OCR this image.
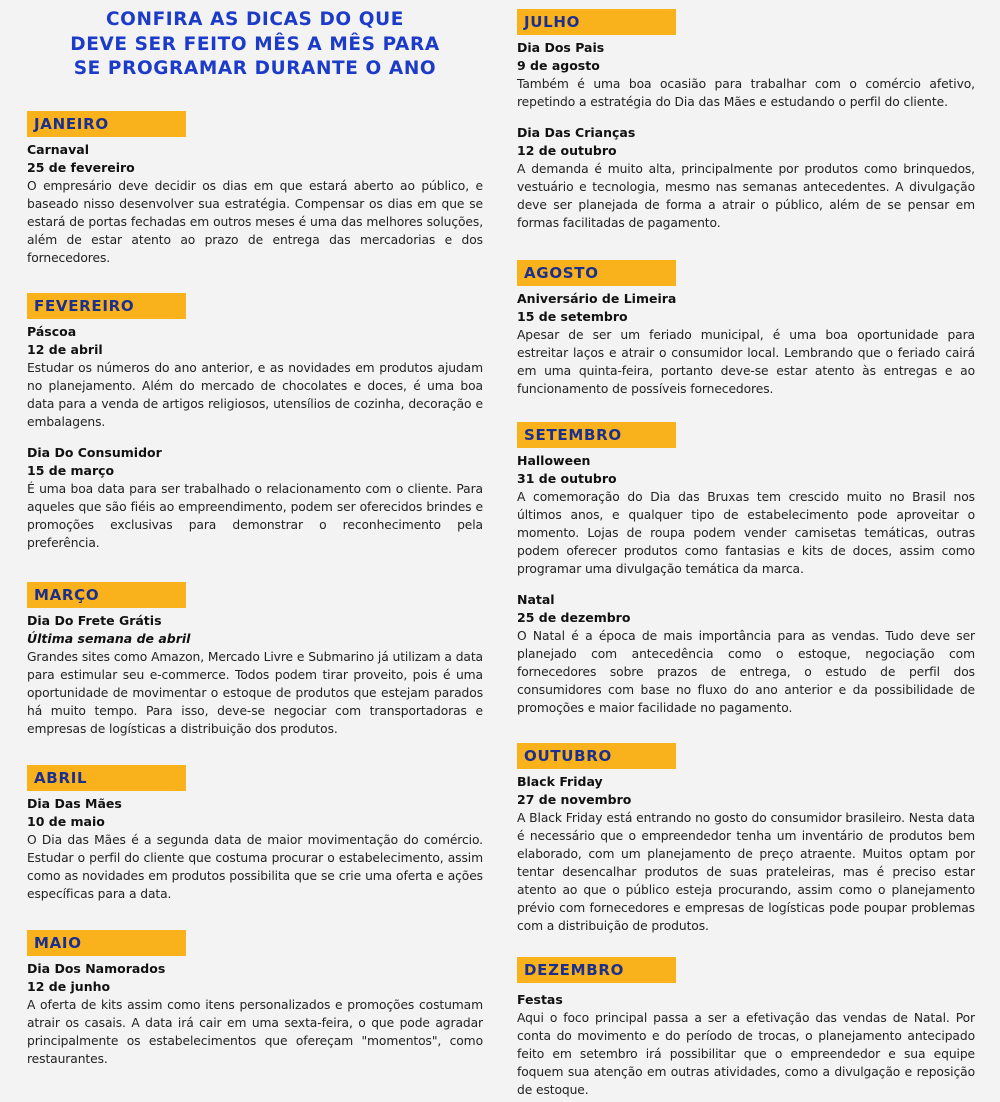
CONFIRA AS DICAS DO QUE
DEVE SER FEITO MÊS A MÊS PARA
SE PROGRAMAR DURANTE O ANO
JANEIRO
Carnaval
25 de fevereiro
O empresário deve decidir os dias em que estará aberto ao público, e baseado nisso desenvolver sua estratégia. Compensar os dias em que se estará de portas fechadas em outros meses é uma das melhores soluções, além de estar atento ao prazo de entrega das mercadorias e dos fornecedores.
FEVEREIRO
Páscoa
12 de abril
Estudar os números do ano anterior, e as novidades em produtos ajudam no planejamento. Além do mercado de chocolates e doces, é uma boa data para a venda de artigos religiosos, utensílios de cozinha, decoração e embalagens.
Dia Do Consumidor
15 de março
É uma boa data para ser trabalhado o relacionamento com o cliente. Para aqueles que são fiéis ao empreendimento, podem ser oferecidos brindes e promoções exclusivas para demonstrar o reconhecimento pela preferência.
MARÇO
Dia Do Frete Grátis
Última semana de abril
Grandes sites como Amazon, Mercado Livre e Submarino já utilizam a data para estimular seu e-commerce. Todos podem tirar proveito, pois é uma oportunidade de movimentar o estoque de produtos que estejam parados há muito tempo. Para isso, deve-se negociar com transportadoras e empresas de logísticas a distribuição dos produtos.
ABRIL
Dia Das Mães
10 de maio
O Dia das Mães é a segunda data de maior movimentação do comércio. Estudar o perfil do cliente que costuma procurar o estabelecimento, assim como as novidades em produtos possibilita que se crie uma oferta e ações específicas para a data.
MAIO
Dia Dos Namorados
12 de junho
A oferta de kits assim como itens personalizados e promoções costumam atrair os casais. A data irá cair em uma sexta-feira, o que pode agradar principalmente os estabelecimentos que ofereçam "momentos", como restaurantes.
JULHO
Dia Dos Pais
9 de agosto
Também é uma boa ocasião para trabalhar com o comércio afetivo, repetindo a estratégia do Dia das Mães e estudando o perfil do cliente.
Dia Das Crianças
12 de outubro
A demanda é muito alta, principalmente por produtos como brinquedos, vestuário e tecnologia, mesmo nas semanas antecedentes. A divulgação deve ser planejada de forma a atrair o público, além de se pensar em formas facilitadas de pagamento.
AGOSTO
Aniversário de Limeira
15 de setembro
Apesar de ser um feriado municipal, é uma boa oportunidade para estreitar laços e atrair o consumidor local. Lembrando que o feriado cairá em uma quinta-feira, portanto deve-se estar atento às entregas e ao funcionamento de possíveis fornecedores.
SETEMBRO
Halloween
31 de outubro
A comemoração do Dia das Bruxas tem crescido muito no Brasil nos últimos anos, e qualquer tipo de estabelecimento pode aproveitar o momento. Lojas de roupa podem vender camisetas temáticas, outras podem oferecer produtos como fantasias e kits de doces, assim como programar uma divulgação temática da marca.
Natal
25 de dezembro
O Natal é a época de mais importância para as vendas. Tudo deve ser planejado com antecedência como o estoque, negociação com fornecedores sobre prazos de entrega, o estudo de perfil dos consumidores com base no fluxo do ano anterior e da possibilidade de promoções e maior facilidade no pagamento.
OUTUBRO
Black Friday
27 de novembro
A Black Friday está entrando no gosto do consumidor brasileiro. Nesta data é necessário que o empreendedor tenha um inventário de produtos bem elaborado, com um planejamento de preço atraente. Muitos optam por tentar desencalhar produtos de suas prateleiras, mas é preciso estar atento ao que o público esteja procurando, assim como o planejamento prévio com fornecedores e empresas de logísticas pode poupar problemas com a distribuição de produtos.
DEZEMBRO
Festas
Aqui o foco principal passa a ser a efetivação das vendas de Natal. Por conta do movimento e do período de trocas, o planejamento antecipado feito em setembro irá possibilitar que o empreendedor e sua equipe foquem sua atenção em outras atividades, como a divulgação e reposição de estoque.
